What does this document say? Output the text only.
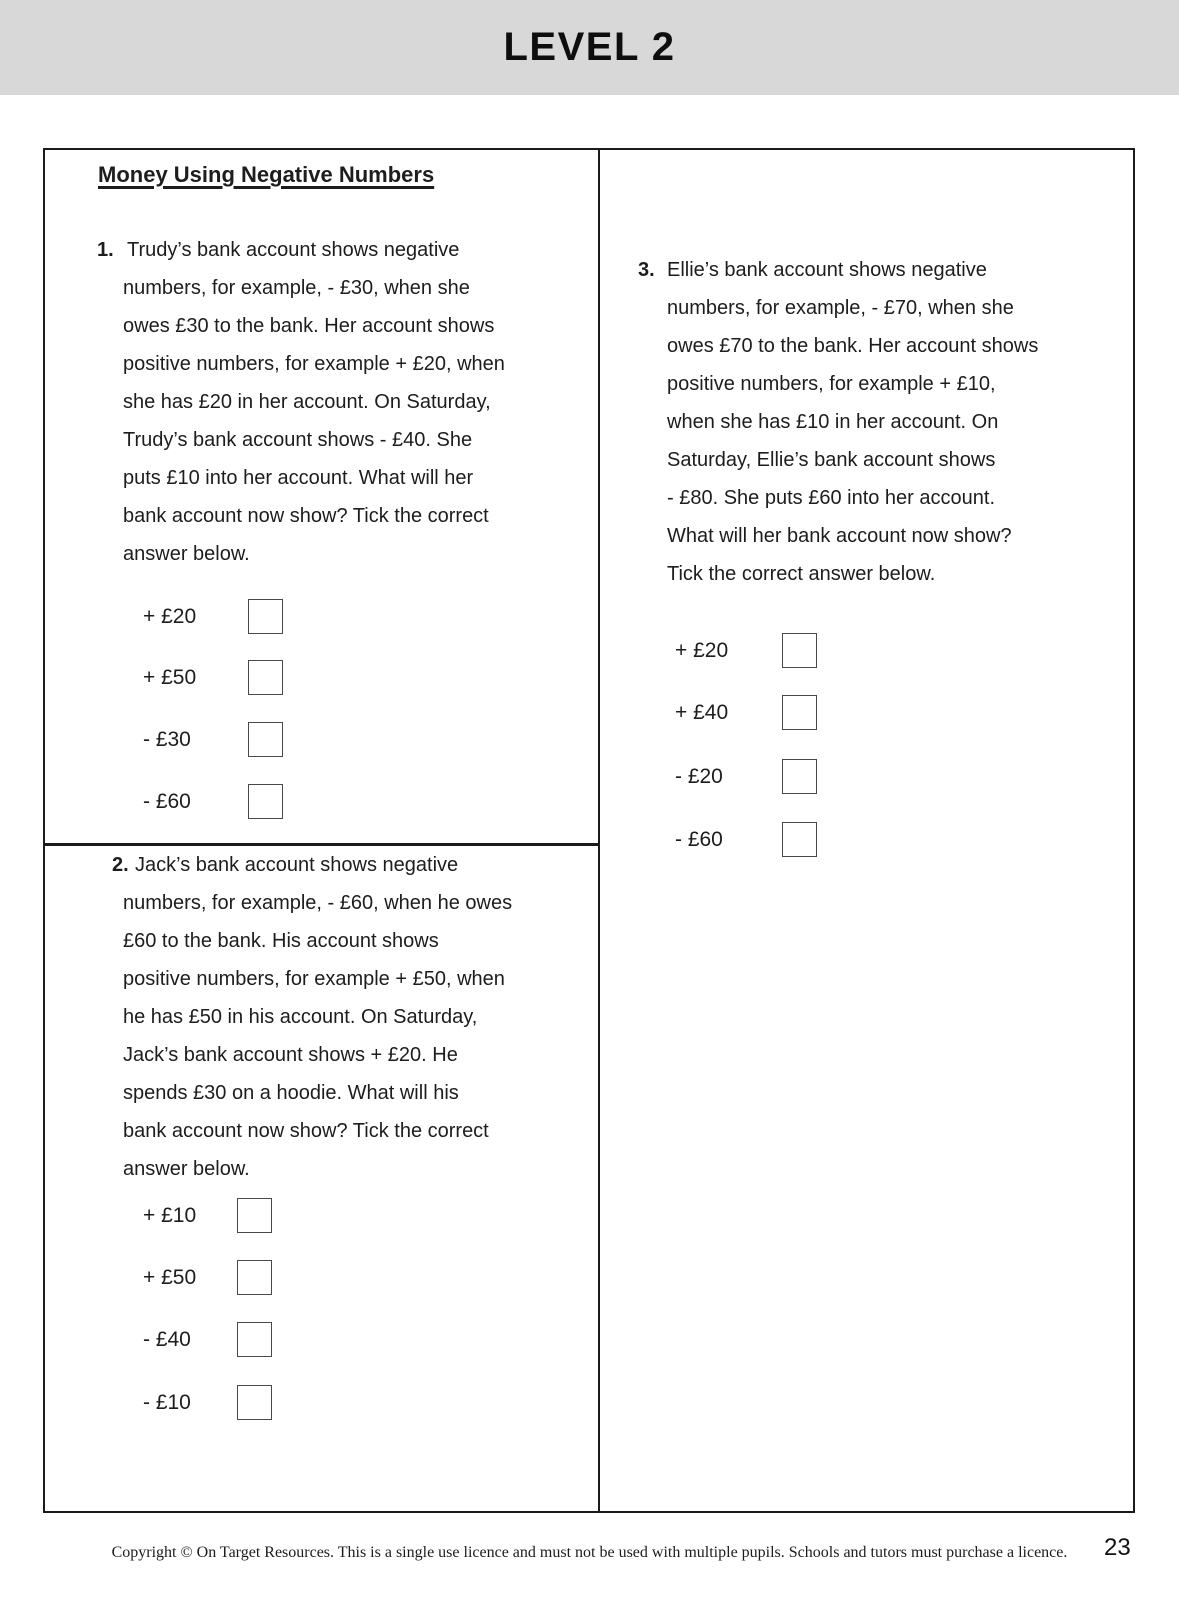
LEVEL 2
Money Using Negative Numbers
1. Trudy’s bank account shows negative
numbers, for example, - £30, when she
owes £30 to the bank. Her account shows
positive numbers, for example + £20, when
she has £20 in her account. On Saturday,
Trudy’s bank account shows - £40. She
puts £10 into her account. What will her
bank account now show? Tick the correct
answer below.
+ £20
+ £50
- £30
- £60
2. Jack’s bank account shows negative
numbers, for example, - £60, when he owes
£60 to the bank. His account shows
positive numbers, for example + £50, when
he has £50 in his account. On Saturday,
Jack’s bank account shows + £20. He
spends £30 on a hoodie. What will his
bank account now show? Tick the correct
answer below.
+ £10
+ £50
- £40
- £10
3. Ellie’s bank account shows negative
numbers, for example, - £70, when she
owes £70 to the bank. Her account shows
positive numbers, for example + £10,
when she has £10 in her account. On
Saturday, Ellie’s bank account shows
- £80. She puts £60 into her account.
What will her bank account now show?
Tick the correct answer below.
+ £20
+ £40
- £20
- £60
Copyright © On Target Resources. This is a single use licence and must not be used with multiple pupils. Schools and tutors must purchase a licence.	23
